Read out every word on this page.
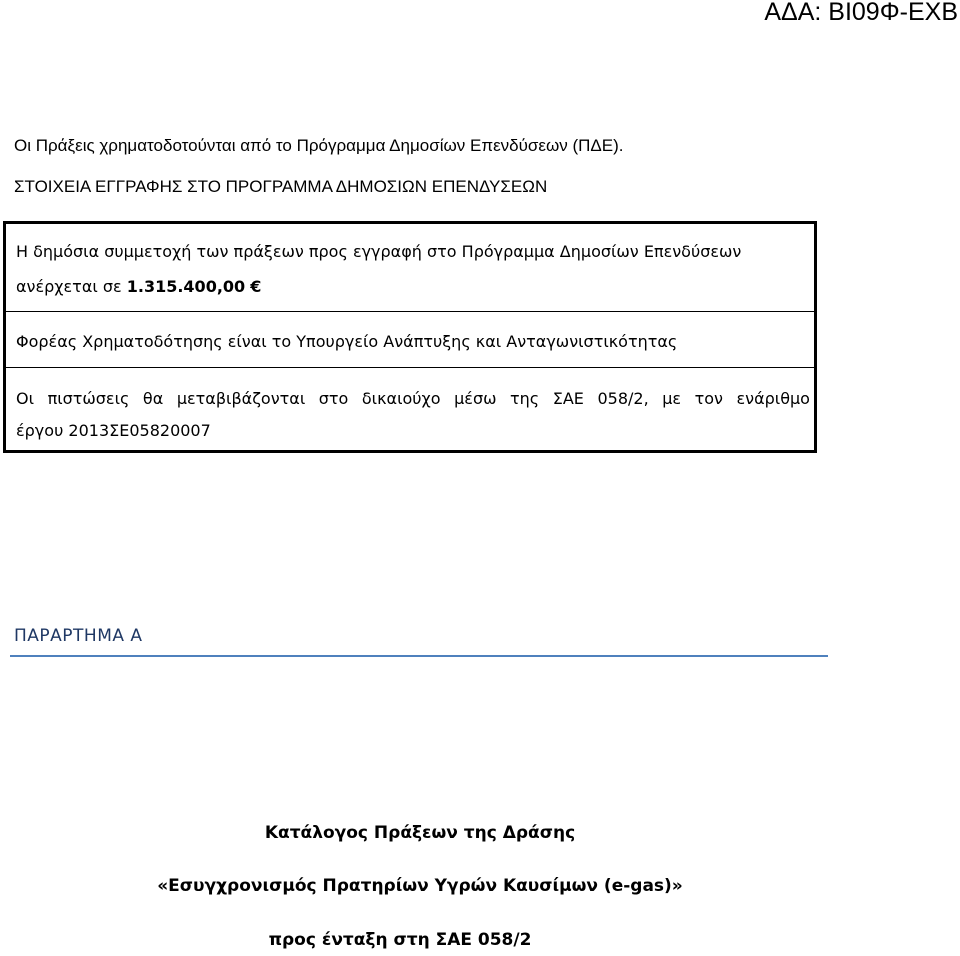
ΑΔΑ: ΒΙ09Φ-ΕΧΒ
Οι Πράξεις χρηματοδοτούνται από το Πρόγραμμα Δημοσίων Επενδύσεων (ΠΔΕ).
ΣΤΟΙΧΕΙΑ ΕΓΓΡΑΦΗΣ ΣΤΟ ΠΡΟΓΡΑΜΜΑ ΔΗΜΟΣΙΩΝ ΕΠΕΝΔΥΣΕΩΝ
Η δημόσια συμμετοχή των πράξεων προς εγγραφή στο Πρόγραμμα Δημοσίων Επενδύσεων
ανέρχεται σε 1.315.400,00 €
Φορέας Χρηματοδότησης είναι το Υπουργείο Ανάπτυξης και Ανταγωνιστικότητας
Οι πιστώσεις θα μεταβιβάζονται στο δικαιούχο μέσω της ΣΑΕ 058/2, με τον ενάριθμο
έργου 2013ΣΕ05820007
ΠΑΡΑΡΤΗΜΑ Α
Κατάλογος Πράξεων της Δράσης
«Εσυγχρονισμός Πρατηρίων Υγρών Καυσίμων (e-gas)»
προς ένταξη στη ΣΑΕ 058/2
